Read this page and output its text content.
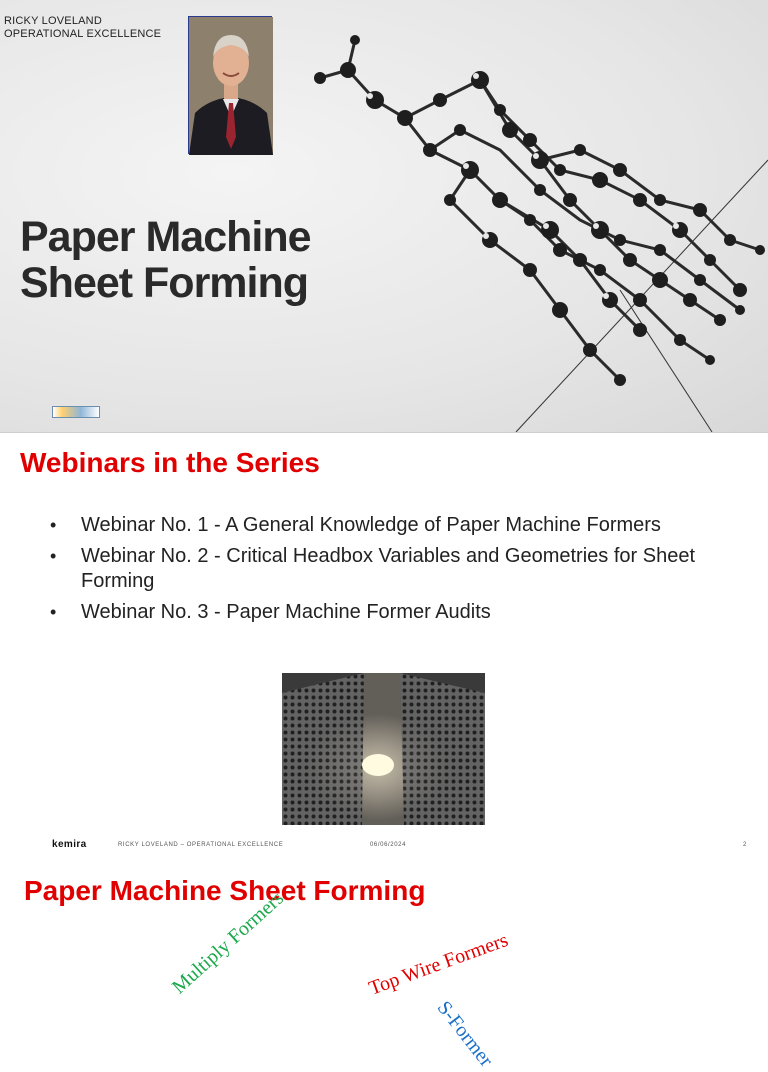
RICKY LOVELAND
OPERATIONAL EXCELLENCE
Paper Machine
Sheet Forming
Webinars in the Series
• Webinar No. 1 - A General Knowledge of Paper Machine Formers
• Webinar No. 2 - Critical Headbox Variables and Geometries for Sheet Forming
• Webinar No. 3 - Paper Machine Former Audits
kemira	RICKY LOVELAND – OPERATIONAL EXCELLENCE	06/06/2024	2
Paper Machine Sheet Forming
Multiply Formers	Top Wire Formers
S-Former
